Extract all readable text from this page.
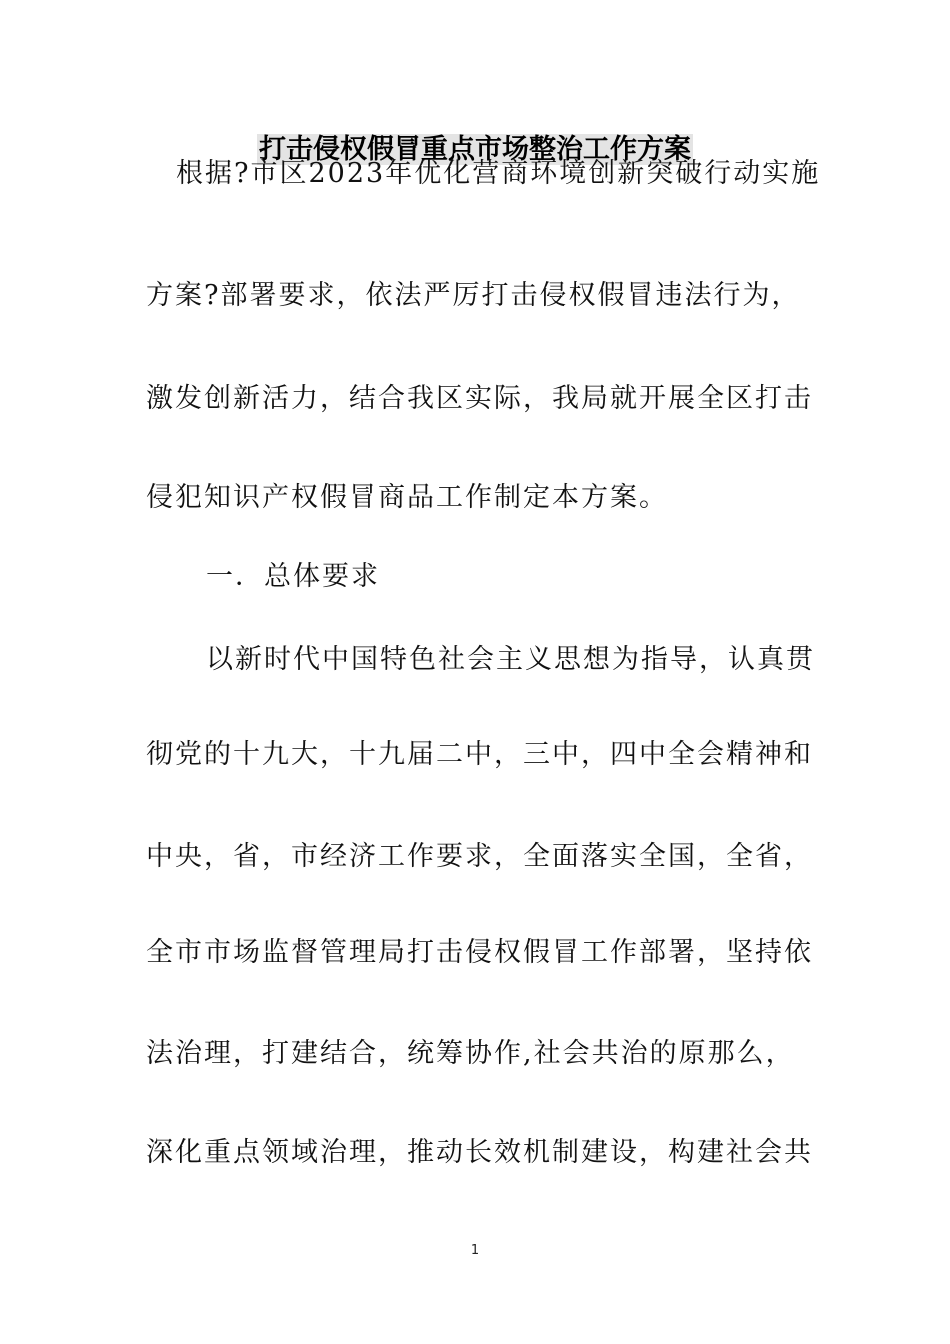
打击侵权假冒重点市场整治工作方案
根据?市区2023年优化营商环境创新突破行动实施
方案?部署要求，依法严厉打击侵权假冒违法行为，
激发创新活力，结合我区实际，我局就开展全区打击
侵犯知识产权假冒商品工作制定本方案。
一．总体要求
以新时代中国特色社会主义思想为指导，认真贯
彻党的十九大，十九届二中，三中，四中全会精神和
中央，省，市经济工作要求，全面落实全国，全省，
全市市场监督管理局打击侵权假冒工作部署，坚持依
法治理，打建结合，统筹协作,社会共治的原那么，
深化重点领域治理，推动长效机制建设，构建社会共
1
